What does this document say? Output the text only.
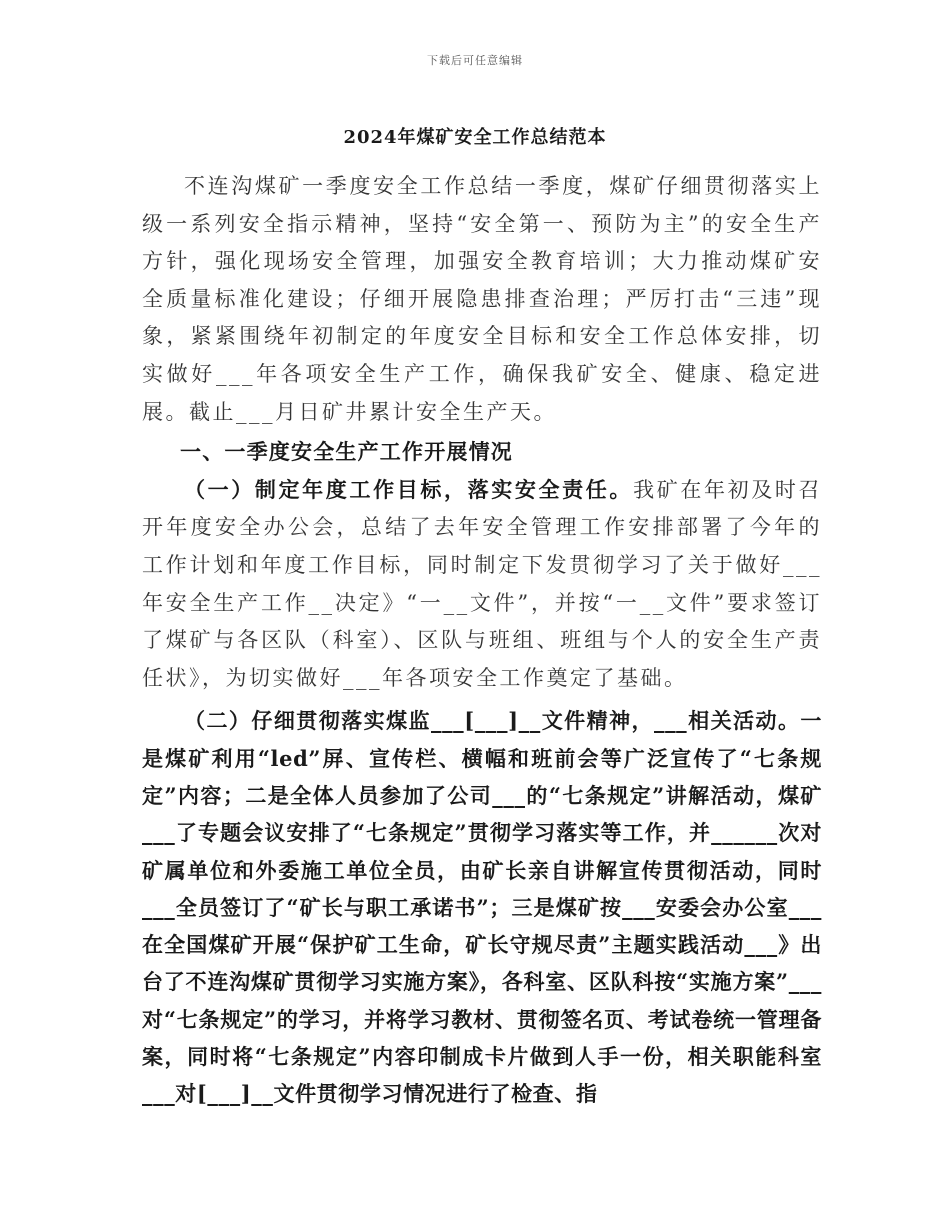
下载后可任意编辑
2024年煤矿安全工作总结范本

不连沟煤矿一季度安全工作总结一季度，煤矿仔细贯彻落实上级一系列安全指示精神，坚持“安全第一、预防为主”的安全生产方针，强化现场安全管理，加强安全教育培训；大力推动煤矿安全质量标准化建设；仔细开展隐患排查治理；严厉打击“三违”现象，紧紧围绕年初制定的年度安全目标和安全工作总体安排，切实做好___年各项安全生产工作，确保我矿安全、健康、稳定进展。截止___月日矿井累计安全生产天。

一、一季度安全生产工作开展情况

（一）制定年度工作目标，落实安全责任。我矿在年初及时召开年度安全办公会，总结了去年安全管理工作安排部署了今年的工作计划和年度工作目标，同时制定下发贯彻学习了关于做好___年安全生产工作__决定》“一__文件”，并按“一__文件”要求签订了煤矿与各区队（科室）、区队与班组、班组与个人的安全生产责任状》，为切实做好___年各项安全工作奠定了基础。

（二）仔细贯彻落实煤监___[___]__文件精神，___相关活动。一是煤矿利用“led”屏、宣传栏、横幅和班前会等广泛宣传了“七条规定”内容；二是全体人员参加了公司___的“七条规定”讲解活动，煤矿___了专题会议安排了“七条规定”贯彻学习落实等工作，并______次对矿属单位和外委施工单位全员，由矿长亲自讲解宣传贯彻活动，同时___全员签订了“矿长与职工承诺书”；三是煤矿按___安委会办公室___在全国煤矿开展“保护矿工生命，矿长守规尽责”主题实践活动___》出台了不连沟煤矿贯彻学习实施方案》，各科室、区队科按“实施方案”___对“七条规定”的学习，并将学习教材、贯彻签名页、考试卷统一管理备案，同时将“七条规定”内容印制成卡片做到人手一份，相关职能科室___对[___]__文件贯彻学习情况进行了检查、指
